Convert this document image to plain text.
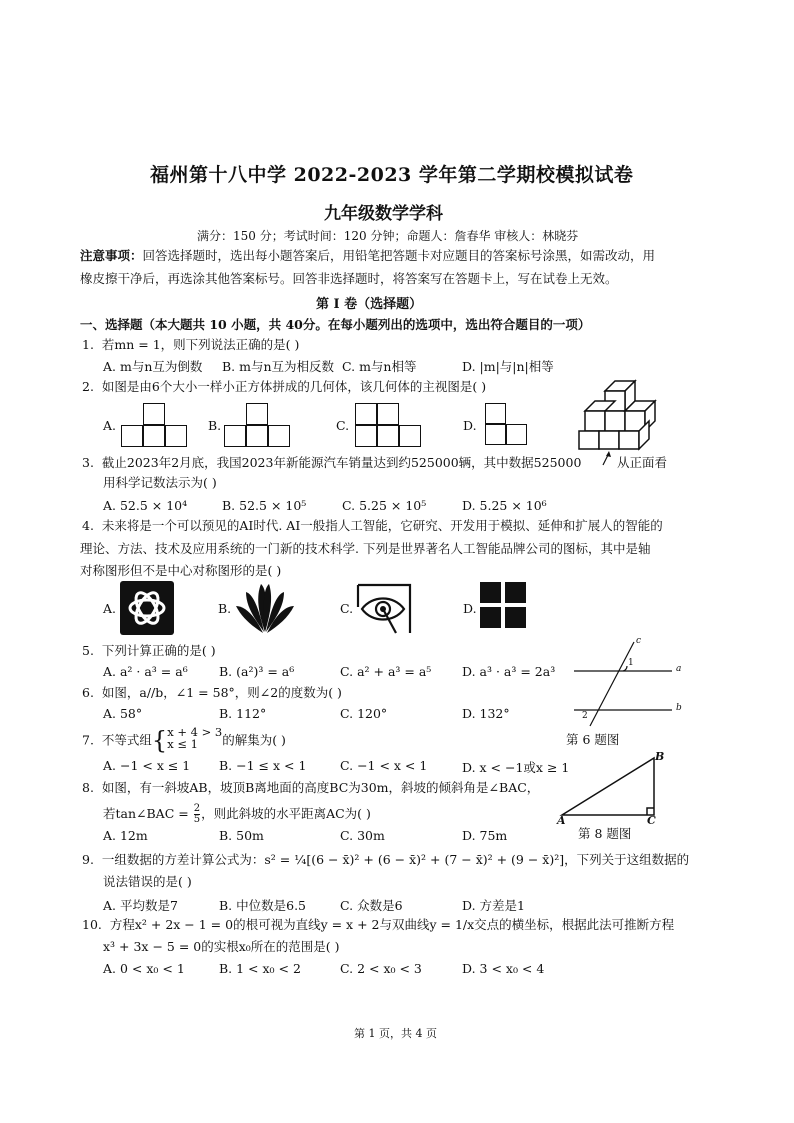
福州第十八中学 2022-2023 学年第二学期校模拟试卷
九年级数学学科
满分：150 分；考试时间：120 分钟；命题人：詹春华 审核人：林晓芬
注意事项：回答选择题时，选出每小题答案后，用铅笔把答题卡对应题目的答案标号涂黑，如需改动，用
橡皮擦干净后，再选涂其他答案标号。回答非选择题时，将答案写在答题卡上，写在试卷上无效。
第 I 卷（选择题）
一、选择题（本大题共 10 小题，共 40分。在每小题列出的选项中，选出符合题目的一项）
1. 若mn = 1，则下列说法正确的是( )
A. m与n互为倒数 B. m与n互为相反数 C. m与n相等	D. |m|与|n|相等
2. 如图是由6个大小一样小正方体拼成的几何体，该几何体的主视图是( )
A.	B.	C.	D.
从正面看
3. 截止2023年2月底，我国2023年新能源汽车销量达到约525000辆，其中数据525000
用科学记数法示为( )
A. 52.5 × 10⁴	B. 52.5 × 10⁵	C. 5.25 × 10⁵	D. 5.25 × 10⁶
4. 未来将是一个可以预见的AI时代. AI一般指人工智能，它研究、开发用于模拟、延伸和扩展人的智能的
理论、方法、技术及应用系统的一门新的技术科学. 下列是世界著名人工智能品牌公司的图标，其中是轴
对称图形但不是中心对称图形的是( )
A.	B.	C.	D.
5. 下列计算正确的是( )
A. a² · a³ = a⁶	B. (a²)³ = a⁶	C. a² + a³ = a⁵ D. a³ · a³ = 2a³
c
a
b
1
2
第 6 题图
6. 如图，a//b，∠1 = 58°，则∠2的度数为( )
A. 58°	B. 112°	C. 120°	D. 132°
7. 不等式组{x + 4 > 3
x ≤ 1 的解集为( )
A. −1 < x ≤ 1 B. −1 ≤ x < 1	C. −1 < x < 1	D. x < −1或x ≥ 1
B
A	C
第 8 题图
8. 如图，有一斜坡AB，坡顶B离地面的高度BC为30m，斜坡的倾斜角是∠BAC，
若tan∠BAC = $\frac{2}{5}$ ，则此斜坡的水平距离AC为( )
A. 12m	B. 50m	C. 30m	D. 75m
9. 一组数据的方差计算公式为：s² = ¼[(6 − x̄)² + (6 − x̄)² + (7 − x̄)² + (9 − x̄)²]，下列关于这组数据的
说法错误的是( )
A. 平均数是7	B. 中位数是6.5	C. 众数是6	D. 方差是1
10. 方程x² + 2x − 1 = 0的根可视为直线y = x + 2与双曲线y = 1/x交点的横坐标，根据此法可推断方程
x³ + 3x − 5 = 0的实根x₀所在的范围是( )
A. 0 < x₀ < 1	B. 1 < x₀ < 2	C. 2 < x₀ < 3	D. 3 < x₀ < 4
第 1 页，共 4 页
